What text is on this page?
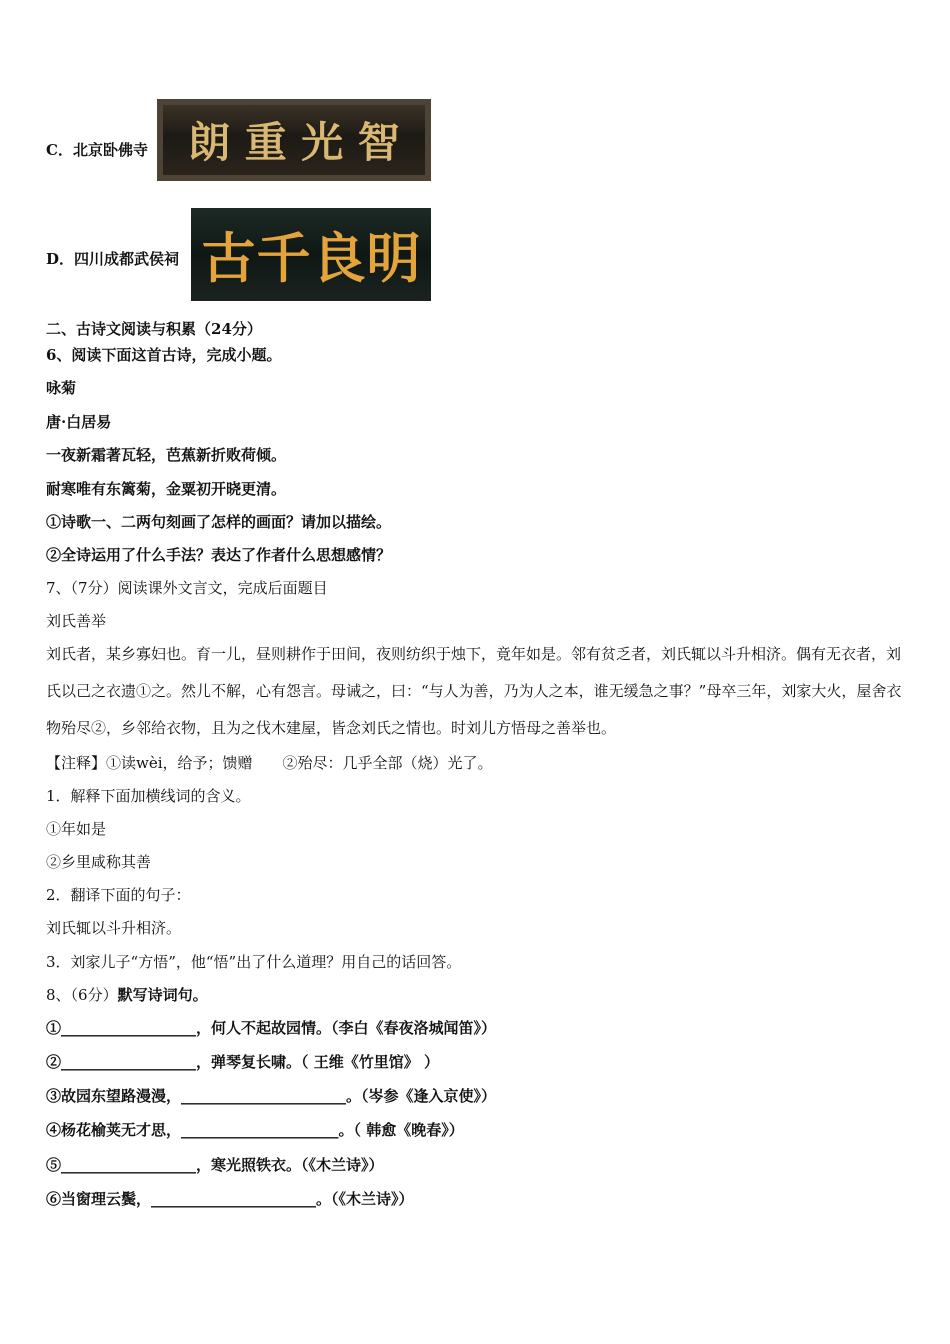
C．北京卧佛寺 朗 重 光 智
D．四川成都武侯祠 古 千 良 明
二、古诗文阅读与积累（24分）
6、阅读下面这首古诗，完成小题。
咏菊
唐·白居易
一夜新霜著瓦轻，芭蕉新折败荷倾。
耐寒唯有东篱菊，金粟初开晓更清。
①诗歌一、二两句刻画了怎样的画面？请加以描绘。
②全诗运用了什么手法？表达了作者什么思想感情？
7、（7分）阅读课外文言文，完成后面题目
刘氏善举
刘氏者，某乡寡妇也。育一儿，昼则耕作于田间，夜则纺织于烛下，竟年如是。邻有贫乏者，刘氏辄以斗升相济。偶有无衣者，刘氏以己之衣遗①之。然儿不解，心有怨言。母诫之，曰：“与人为善，乃为人之本，谁无缓急之事？”母卒三年，刘家大火，屋舍衣物殆尽②，乡邻给衣物，且为之伐木建屋，皆念刘氏之情也。时刘儿方悟母之善举也。
【注释】①读wèi，给予；馈赠　　②殆尽：几乎全部（烧）光了。
1．解释下面加横线词的含义。
①年如是
②乡里咸称其善
2．翻译下面的句子：
刘氏辄以斗升相济。
3．刘家儿子“方悟”，他“悟”出了什么道理？用自己的话回答。
8、（6分）默写诗词句。
①__________________，何人不起故园情。（李白《春夜洛城闻笛》）
②__________________，弹琴复长啸。（ 王维《竹里馆》 ）
③故园东望路漫漫，______________________。（岑参《逢入京使》）
④杨花榆荚无才思，_____________________。（ 韩愈《晚春》）
⑤__________________，寒光照铁衣。（《木兰诗》）
⑥当窗理云鬓，______________________。（《木兰诗》）
